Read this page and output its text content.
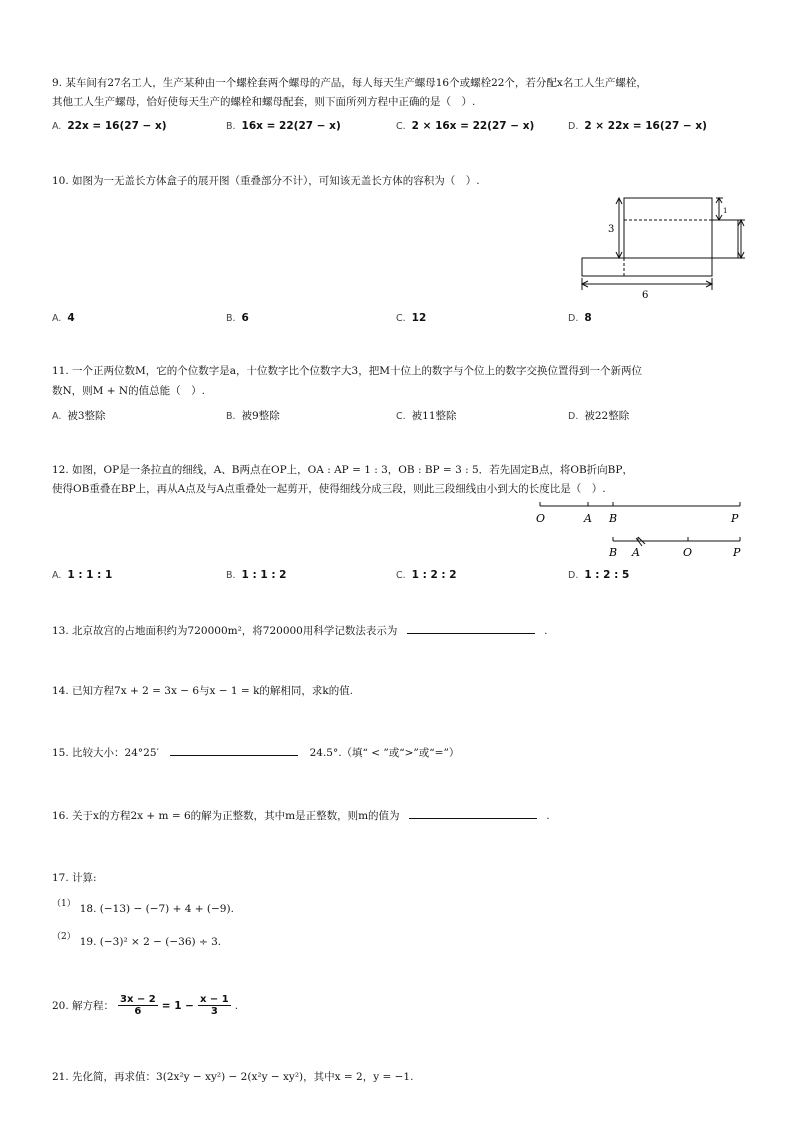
9. 某车间有27名工人，生产某种由一个螺栓套两个螺母的产品，每人每天生产螺母16个或螺栓22个，若分配x名工人生产螺栓，
其他工人生产螺母，恰好使每天生产的螺栓和螺母配套，则下面所列方程中正确的是（　）.
A. 22x = 16(27 − x)	B. 16x = 22(27 − x)	C. 2 × 16x = 22(27 − x)	D. 2 × 22x = 16(27 − x)
10. 如图为一无盖长方体盒子的展开图（重叠部分不计），可知该无盖长方体的容积为（　）.
3
6
1
A. 4	B. 6	C. 12	D. 8
11. 一个正两位数M，它的个位数字是a，十位数字比个位数字大3，把M十位上的数字与个位上的数字交换位置得到一个新两位
数N，则M + N的值总能（　）.
A. 被3整除	B. 被9整除	C. 被11整除	D. 被22整除
12. 如图，OP是一条拉直的细线，A、B两点在OP上，OA : AP = 1 : 3，OB : BP = 3 : 5．若先固定B点，将OB折向BP，
使得OB重叠在BP上，再从A点及与A点重叠处一起剪开，使得细线分成三段，则此三段细线由小到大的长度比是（　）.
O	A B	P
B A	O	P
A. 1 : 1 : 1	B. 1 : 1 : 2	C. 1 : 2 : 2	D. 1 : 2 : 5
13. 北京故宫的占地面积约为720000m²，将720000用科学记数法表示为	.
14. 已知方程7x + 2 = 3x − 6与x − 1 = k的解相同，求k的值.
15. 比较大小：24°25′	24.5°.（填“ < ”或“>”或“=”）
16. 关于x的方程2x + m = 6的解为正整数，其中m是正整数，则m的值为	.
17. 计算:
（1） 18. (−13) − (−7) + 4 + (−9).
（2） 19. (−3)² × 2 − (−36) ÷ 3.
20. 解方程： $\frac{3x - 2}{6} = 1 - \frac{x - 1}{3}$ .
21. 先化简，再求值：3(2x²y − xy²) − 2(x²y − xy²)，其中x = 2，y = −1.
